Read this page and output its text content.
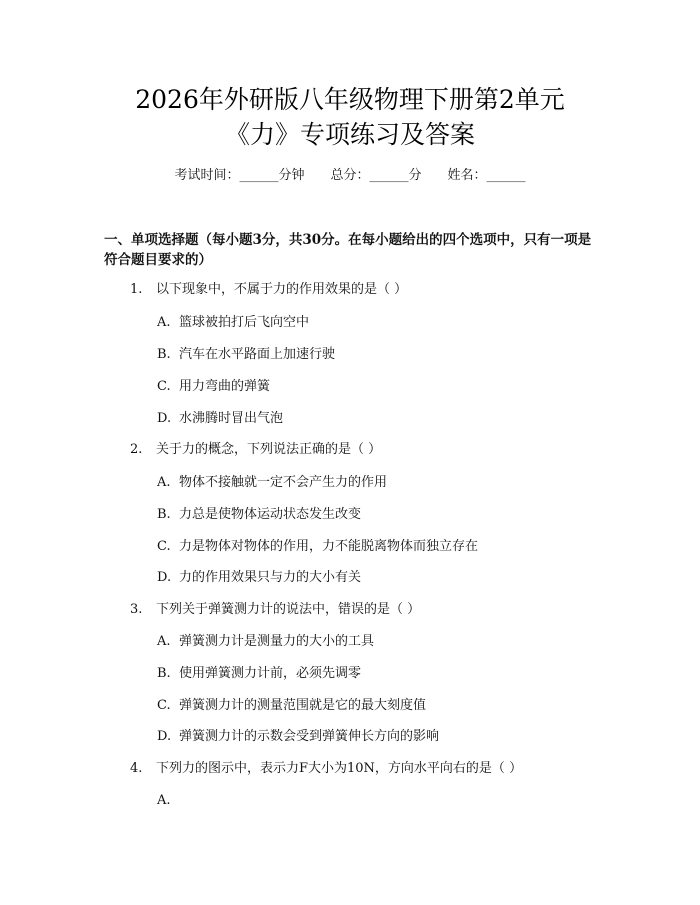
2026年外研版八年级物理下册第2单元
《力》专项练习及答案
考试时间：______分钟 总分：______分 姓名：______
一、单项选择题（每小题3分，共30分。在每小题给出的四个选项中，只有一项是符合题目要求的）
1. 以下现象中，不属于力的作用效果的是（ ）
A. 篮球被拍打后飞向空中
B. 汽车在水平路面上加速行驶
C. 用力弯曲的弹簧
D. 水沸腾时冒出气泡
2. 关于力的概念，下列说法正确的是（ ）
A. 物体不接触就一定不会产生力的作用
B. 力总是使物体运动状态发生改变
C. 力是物体对物体的作用，力不能脱离物体而独立存在
D. 力的作用效果只与力的大小有关
3. 下列关于弹簧测力计的说法中，错误的是（ ）
A. 弹簧测力计是测量力的大小的工具
B. 使用弹簧测力计前，必须先调零
C. 弹簧测力计的测量范围就是它的最大刻度值
D. 弹簧测力计的示数会受到弹簧伸长方向的影响
4. 下列力的图示中，表示力F大小为10N，方向水平向右的是（ ）
A.
